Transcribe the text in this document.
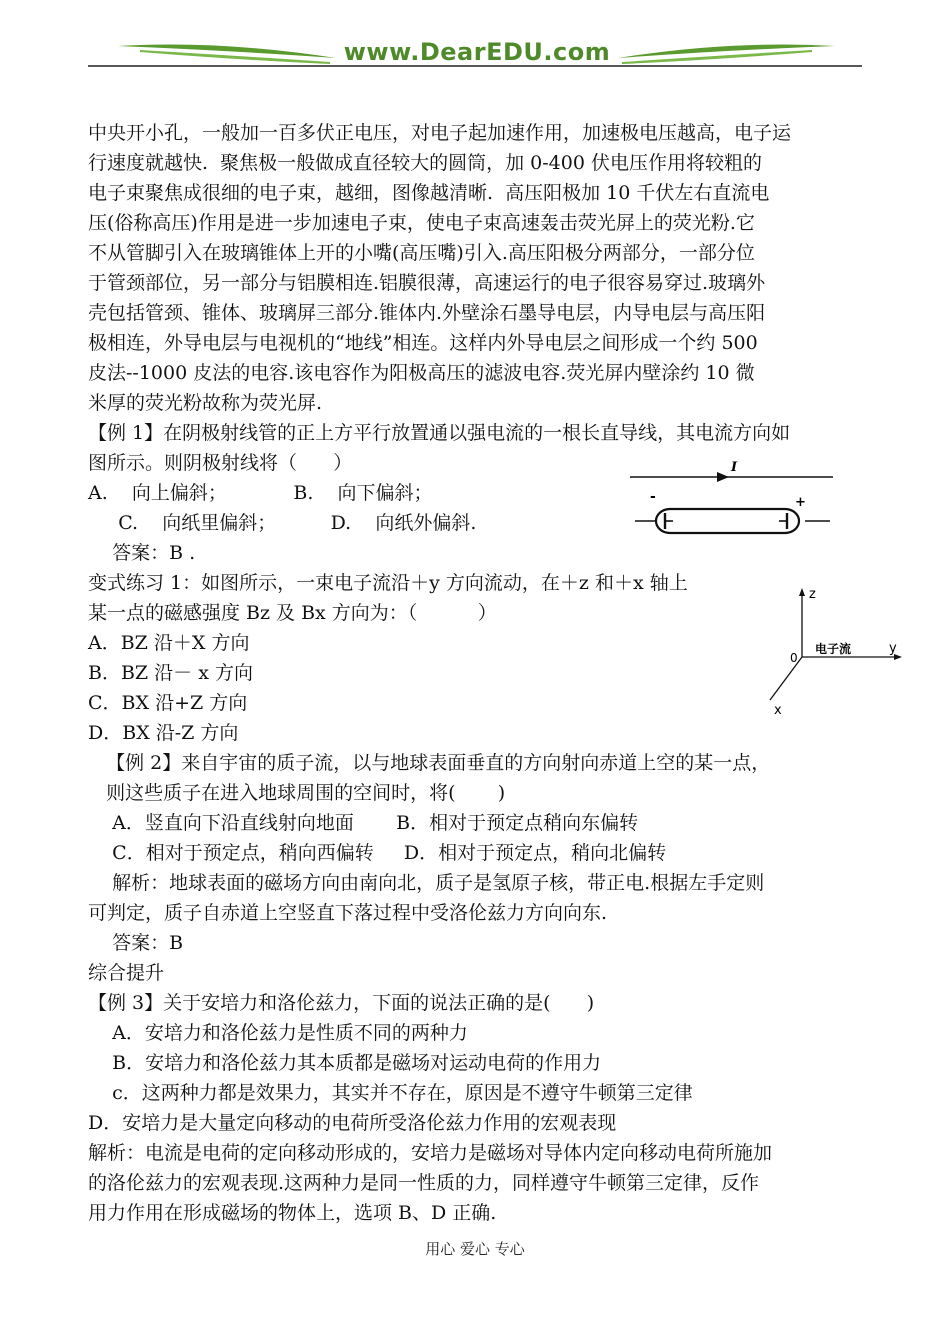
www.DearEDU.com
中央开小孔，一般加一百多伏正电压，对电子起加速作用，加速极电压越高，电子运
行速度就越快.  聚焦极一般做成直径较大的圆筒，加 0-400 伏电压作用将较粗的
电子束聚焦成很细的电子束，越细，图像越清晰.  高压阳极加 10 千伏左右直流电
压(俗称高压)作用是进一步加速电子束，使电子束高速轰击荧光屏上的荧光粉.它
不从管脚引入在玻璃锥体上开的小嘴(高压嘴)引入.高压阳极分两部分，一部分位
于管颈部位，另一部分与铝膜相连.铝膜很薄，高速运行的电子很容易穿过.玻璃外
壳包括管颈、锥体、玻璃屏三部分.锥体内.外壁涂石墨导电层，内导电层与高压阳
极相连，外导电层与电视机的“地线”相连。这样内外导电层之间形成一个约 500
皮法--1000 皮法的电容.该电容作为阳极高压的滤波电容.荧光屏内壁涂约 10 微
米厚的荧光粉故称为荧光屏.
【例 1】在阴极射线管的正上方平行放置通以强电流的一根长直导线，其电流方向如
图所示。则阴极射线将（      ）
A.    向上偏斜；           B.    向下偏斜；
C.    向纸里偏斜；         D.    向纸外偏斜.
答案：B .
变式练习 1：如图所示，一束电子流沿＋y 方向流动，在＋z 和＋x 轴上
某一点的磁感强度 Bz 及 Bx 方向为：（          ）
A．BZ 沿＋X 方向
B．BZ 沿－ x 方向
C．BX 沿+Z 方向
D．BX 沿-Z 方向
【例 2】来自宇宙的质子流，以与地球表面垂直的方向射向赤道上空的某一点，
则这些质子在进入地球周围的空间时，将(       )
A．竖直向下沿直线射向地面       B．相对于预定点稍向东偏转
C．相对于预定点，稍向西偏转     D．相对于预定点，稍向北偏转
解析：地球表面的磁场方向由南向北，质子是氢原子核，带正电.根据左手定则
可判定，质子自赤道上空竖直下落过程中受洛伦兹力方向向东.
答案：B
综合提升
【例 3】关于安培力和洛伦兹力，下面的说法正确的是(      )
A．安培力和洛伦兹力是性质不同的两种力
B．安培力和洛伦兹力其本质都是磁场对运动电荷的作用力
c．这两种力都是效果力，其实并不存在，原因是不遵守牛顿第三定律
D．安培力是大量定向移动的电荷所受洛伦兹力作用的宏观表现
解析：电流是电荷的定向移动形成的，安培力是磁场对导体内定向移动电荷所施加
的洛伦兹力的宏观表现.这两种力是同一性质的力，同样遵守牛顿第三定律，反作
用力作用在形成磁场的物体上，选项 B、D 正确.
I
-	+
z
y
x
0
电子流
用心 爱心 专心
